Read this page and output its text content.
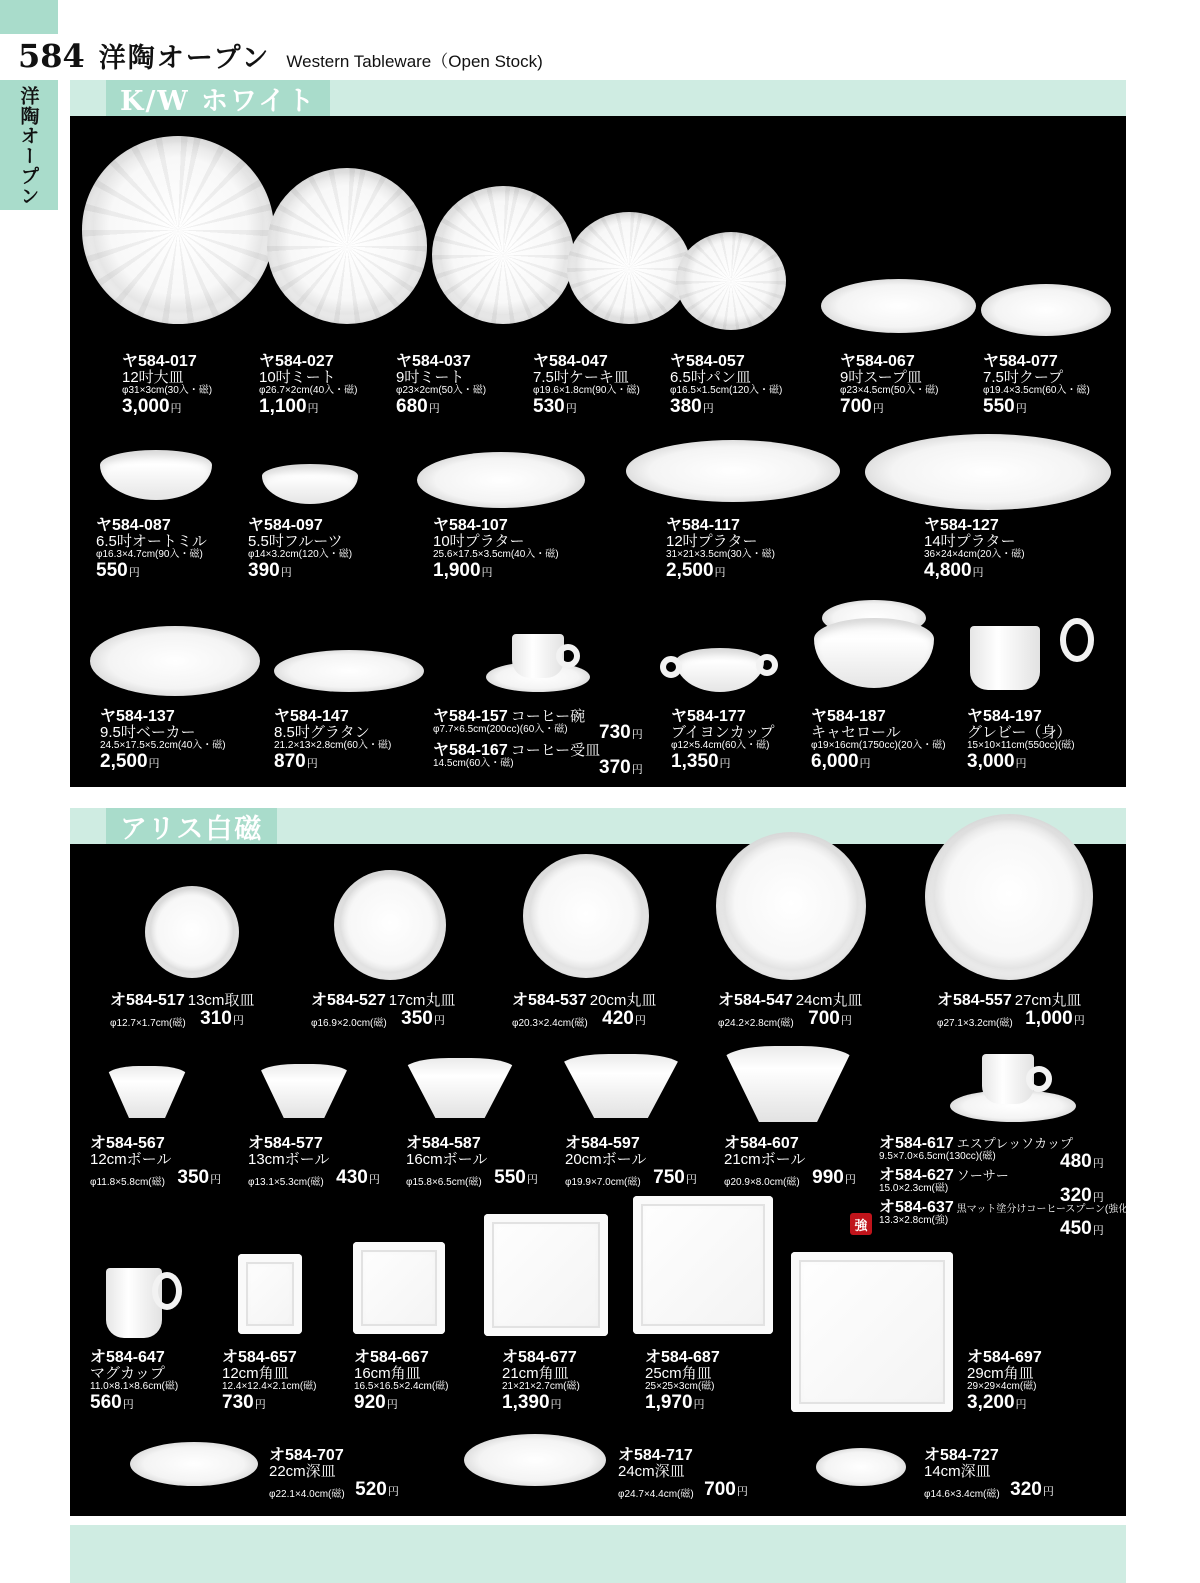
洋陶オープン
584 洋陶オープン Western Tableware（Open Stock)
K/W ホワイト
ヤ584-017
12吋大皿
φ31×3cm(30入・磁)
3,000円
ヤ584-027
10吋ミート
φ26.7×2cm(40入・磁)
1,100円
ヤ584-037
9吋ミート
φ23×2cm(50入・磁)
680円
ヤ584-047
7.5吋ケーキ皿
φ19.6×1.8cm(90入・磁)
530円
ヤ584-057
6.5吋パン皿
φ16.5×1.5cm(120入・磁)
380円
ヤ584-067
9吋スープ皿
φ23×4.5cm(50入・磁)
700円
ヤ584-077
7.5吋クープ
φ19.4×3.5cm(60入・磁)
550円
ヤ584-087
6.5吋オートミル
φ16.3×4.7cm(90入・磁)
550円
ヤ584-097
5.5吋フルーツ
φ14×3.2cm(120入・磁)
390円
ヤ584-107
10吋プラター
25.6×17.5×3.5cm(40入・磁)
1,900円
ヤ584-117
12吋プラター
31×21×3.5cm(30入・磁)
2,500円
ヤ584-127
14吋プラター
36×24×4cm(20入・磁)
4,800円
ヤ584-137
9.5吋ベーカー
24.5×17.5×5.2cm(40入・磁)
2,500円
ヤ584-147
8.5吋グラタン
21.2×13×2.8cm(60入・磁)
870円
ヤ584-157 コーヒー碗
φ7.7×6.5cm(200cc)(60入・磁)
ヤ584-167 コーヒー受皿
14.5cm(60入・磁)
730円
370円
ヤ584-177
ブイヨンカップ
φ12×5.4cm(60入・磁)
1,350円
ヤ584-187
キャセロール
φ19×16cm(1750cc)(20入・磁)
6,000円
ヤ584-197
グレビー（身）
15×10×11cm(550cc)(磁)
3,000円
アリス白磁
オ584-517 13cm取皿
φ12.7×1.7cm(磁) 310円
オ584-527 17cm丸皿
φ16.9×2.0cm(磁) 350円
オ584-537 20cm丸皿
φ20.3×2.4cm(磁) 420円
オ584-547 24cm丸皿
φ24.2×2.8cm(磁) 700円
オ584-557 27cm丸皿
φ27.1×3.2cm(磁) 1,000円
オ584-567
12cmボール
φ11.8×5.8cm(磁) 350円
オ584-577
13cmボール
φ13.1×5.3cm(磁) 430円
オ584-587
16cmボール
φ15.8×6.5cm(磁) 550円
オ584-597
20cmボール
φ19.9×7.0cm(磁) 750円
オ584-607
21cmボール
φ20.9×8.0cm(磁) 990円
オ584-617 エスプレッソカップ
9.5×7.0×6.5cm(130cc)(磁)
オ584-627 ソーサー
15.0×2.3cm(磁)
オ584-637 黒マット塗分けコーヒースプーン(強化)
13.3×2.8cm(強)
480円
320円
450円
強
オ584-647
マグカップ
11.0×8.1×8.6cm(磁)
560円
オ584-657
12cm角皿
12.4×12.4×2.1cm(磁)
730円
オ584-667
16cm角皿
16.5×16.5×2.4cm(磁)
920円
オ584-677
21cm角皿
21×21×2.7cm(磁)
1,390円
オ584-687
25cm角皿
25×25×3cm(磁)
1,970円
オ584-697
29cm角皿
29×29×4cm(磁)
3,200円
オ584-707
22cm深皿
φ22.1×4.0cm(磁) 520円
オ584-717
24cm深皿
φ24.7×4.4cm(磁) 700円
オ584-727
14cm深皿
φ14.6×3.4cm(磁) 320円
